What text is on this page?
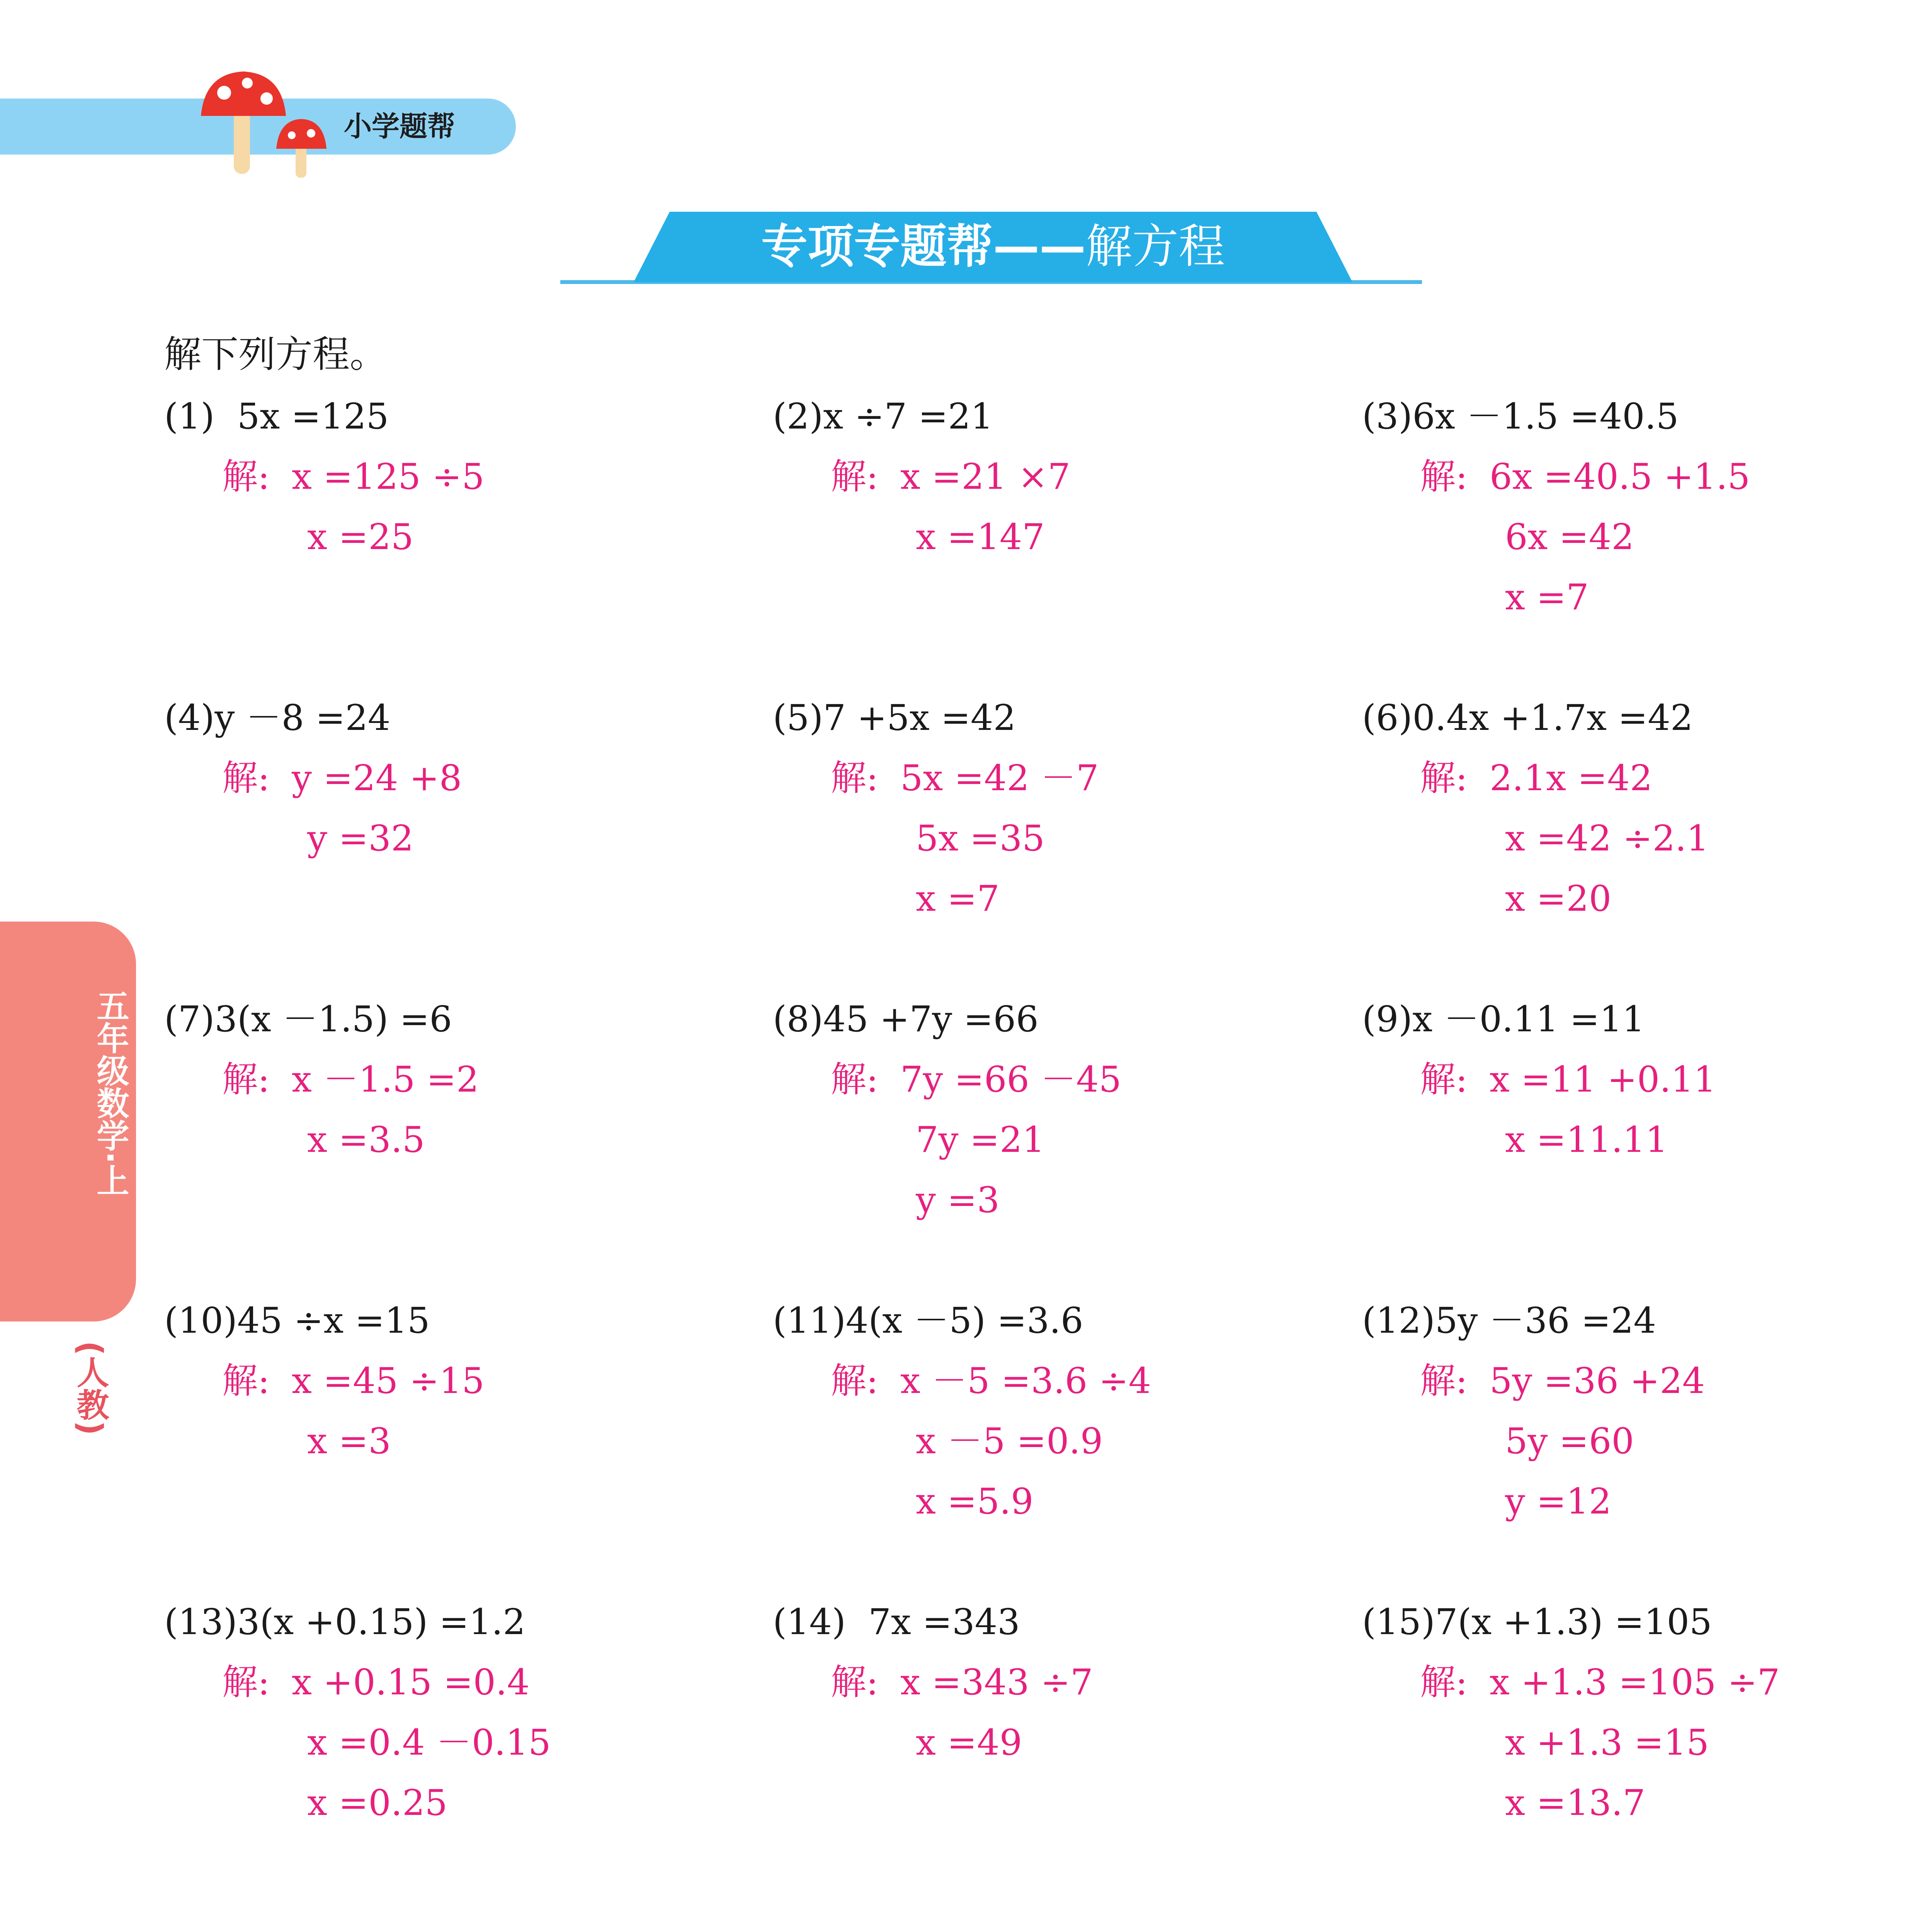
小学题帮
专项专题帮——解方程
五年级数学·上
(人教)
解下列方程。
(1)  5x =125
解: x =125 ÷5
x =25
(2)x ÷7 =21
解: x =21 ×7
x =147
(3)6x －1.5 =40.5
解: 6x =40.5 +1.5
6x =42
x =7
(4)y －8 =24
解: y =24 +8
y =32
(5)7 +5x =42
解: 5x =42 －7
5x =35
x =7
(6)0.4x +1.7x =42
解: 2.1x =42
x =42 ÷2.1
x =20
(7)3(x －1.5) =6
解: x －1.5 =2
x =3.5
(8)45 +7y =66
解: 7y =66 －45
7y =21
y =3
(9)x －0.11 =11
解: x =11 +0.11
x =11.11
(10)45 ÷x =15
解: x =45 ÷15
x =3
(11)4(x －5) =3.6
解: x －5 =3.6 ÷4
x －5 =0.9
x =5.9
(12)5y －36 =24
解: 5y =36 +24
5y =60
y =12
(13)3(x +0.15) =1.2
解: x +0.15 =0.4
x =0.4 －0.15
x =0.25
(14)  7x =343
解: x =343 ÷7
x =49
(15)7(x +1.3) =105
解: x +1.3 =105 ÷7
x +1.3 =15
x =13.7
